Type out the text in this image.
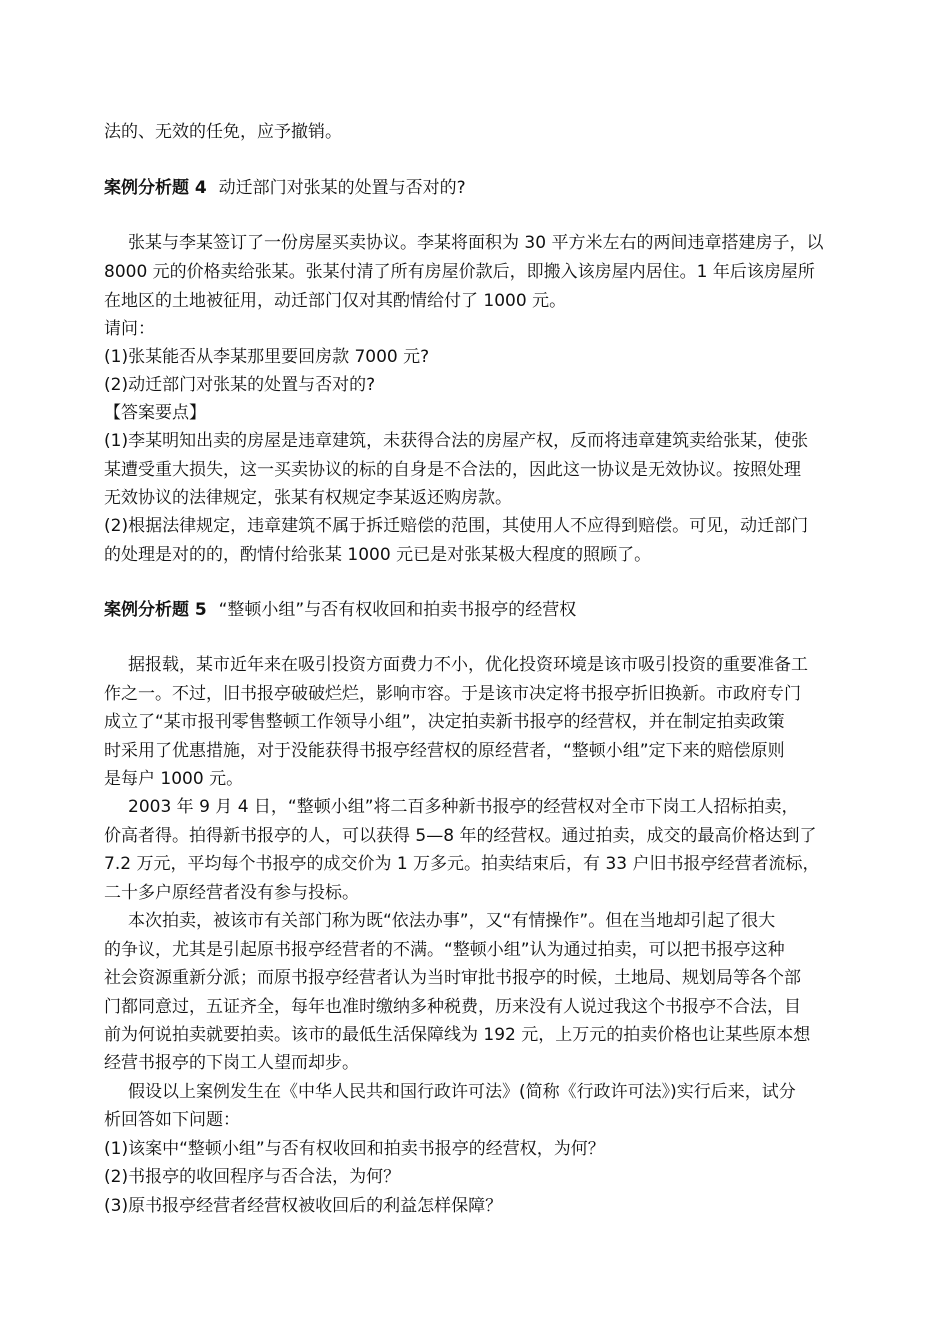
法的、无效的任免，应予撤销。
案例分析题 4 动迁部门对张某的处置与否对的?
张某与李某签订了一份房屋买卖协议。李某将面积为 30 平方米左右的两间违章搭建房子，以
8000 元的价格卖给张某。张某付清了所有房屋价款后，即搬入该房屋内居住。1 年后该房屋所
在地区的土地被征用，动迁部门仅对其酌情给付了 1000 元。
请问：
(1)张某能否从李某那里要回房款 7000 元?
(2)动迁部门对张某的处置与否对的?
【答案要点】
(1)李某明知出卖的房屋是违章建筑，未获得合法的房屋产权，反而将违章建筑卖给张某，使张
某遭受重大损失，这一买卖协议的标的自身是不合法的，因此这一协议是无效协议。按照处理
无效协议的法律规定，张某有权规定李某返还购房款。
(2)根据法律规定，违章建筑不属于拆迁赔偿的范围，其使用人不应得到赔偿。可见，动迁部门
的处理是对的的，酌情付给张某 1000 元已是对张某极大程度的照顾了。
案例分析题 5 “整顿小组”与否有权收回和拍卖书报亭的经营权
据报载，某市近年来在吸引投资方面费力不小，优化投资环境是该市吸引投资的重要准备工
作之一。不过，旧书报亭破破烂烂，影响市容。于是该市决定将书报亭折旧换新。市政府专门
成立了“某市报刊零售整顿工作领导小组”，决定拍卖新书报亭的经营权，并在制定拍卖政策
时采用了优惠措施，对于没能获得书报亭经营权的原经营者，“整顿小组”定下来的赔偿原则
是每户 1000 元。
2003 年 9 月 4 日，“整顿小组”将二百多种新书报亭的经营权对全市下岗工人招标拍卖，
价高者得。拍得新书报亭的人，可以获得 5—8 年的经营权。通过拍卖，成交的最高价格达到了
7.2 万元，平均每个书报亭的成交价为 1 万多元。拍卖结束后，有 33 户旧书报亭经营者流标，
二十多户原经营者没有参与投标。
本次拍卖，被该市有关部门称为既“依法办事”，又“有情操作”。但在当地却引起了很大
的争议，尤其是引起原书报亭经营者的不满。“整顿小组”认为通过拍卖，可以把书报亭这种
社会资源重新分派；而原书报亭经营者认为当时审批书报亭的时候，土地局、规划局等各个部
门都同意过，五证齐全，每年也准时缴纳多种税费，历来没有人说过我这个书报亭不合法，目
前为何说拍卖就要拍卖。该市的最低生活保障线为 192 元，上万元的拍卖价格也让某些原本想
经营书报亭的下岗工人望而却步。
假设以上案例发生在《中华人民共和国行政许可法》(简称《行政许可法》)实行后来，试分
析回答如下问题：
(1)该案中“整顿小组”与否有权收回和拍卖书报亭的经营权，为何？
(2)书报亭的收回程序与否合法，为何？
(3)原书报亭经营者经营权被收回后的利益怎样保障？
